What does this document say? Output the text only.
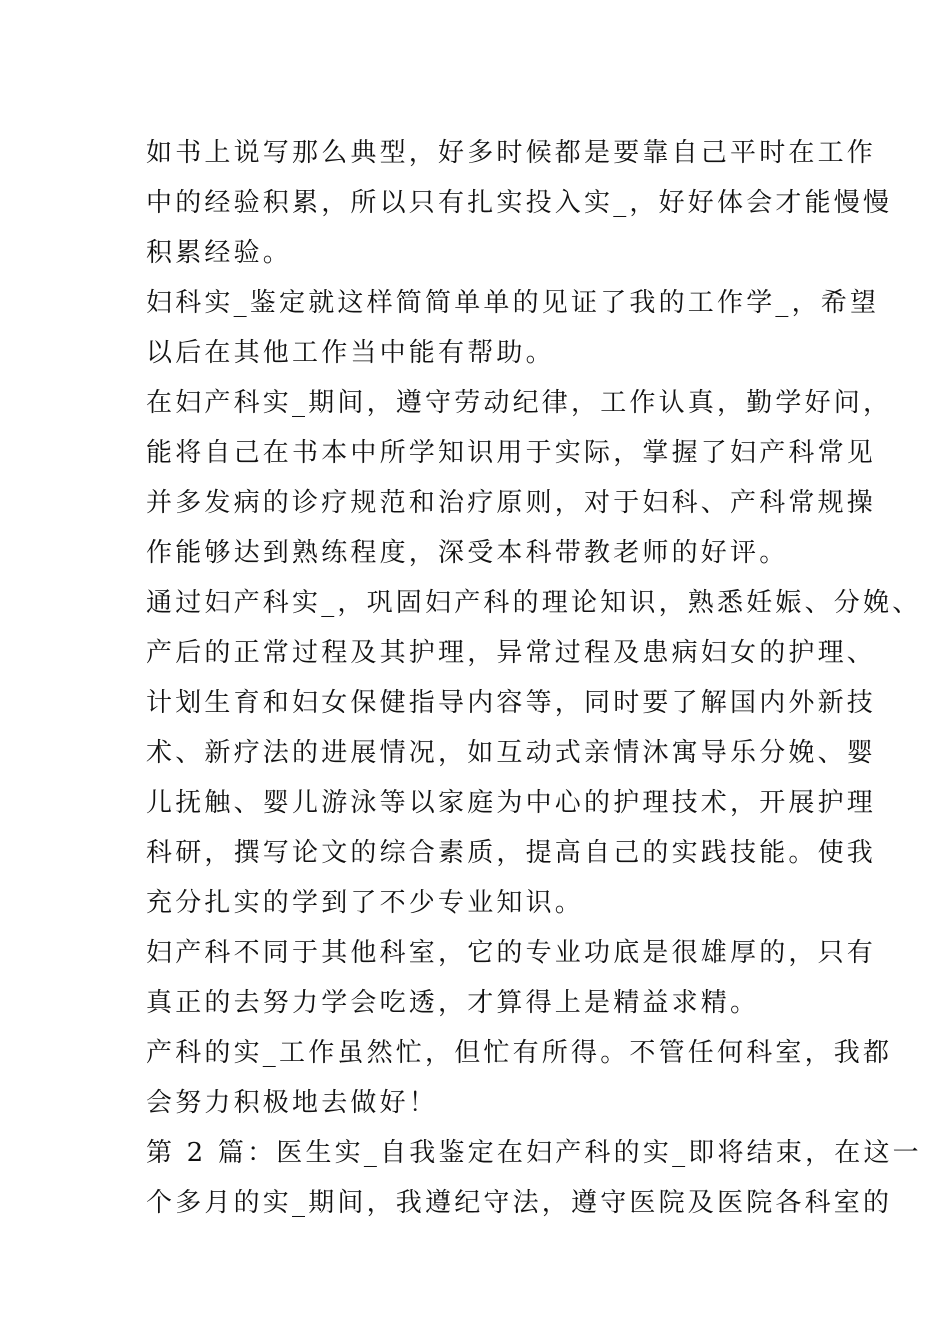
如书上说写那么典型，好多时候都是要靠自己平时在工作
中的经验积累，所以只有扎实投入实_，好好体会才能慢慢
积累经验。
妇科实_鉴定就这样简简单单的见证了我的工作学_，希望
以后在其他工作当中能有帮助。
在妇产科实_期间，遵守劳动纪律，工作认真，勤学好问，
能将自己在书本中所学知识用于实际，掌握了妇产科常见
并多发病的诊疗规范和治疗原则，对于妇科、产科常规操
作能够达到熟练程度，深受本科带教老师的好评。
通过妇产科实_，巩固妇产科的理论知识，熟悉妊娠、分娩、
产后的正常过程及其护理，异常过程及患病妇女的护理、
计划生育和妇女保健指导内容等，同时要了解国内外新技
术、新疗法的进展情况，如互动式亲情沐寓导乐分娩、婴
儿抚触、婴儿游泳等以家庭为中心的护理技术，开展护理
科研，撰写论文的综合素质，提高自己的实践技能。使我
充分扎实的学到了不少专业知识。
妇产科不同于其他科室，它的专业功底是很雄厚的，只有
真正的去努力学会吃透，才算得上是精益求精。
产科的实_工作虽然忙，但忙有所得。不管任何科室，我都
会努力积极地去做好！
第 2 篇：医生实_自我鉴定在妇产科的实_即将结束，在这一
个多月的实_期间，我遵纪守法，遵守医院及医院各科室的
